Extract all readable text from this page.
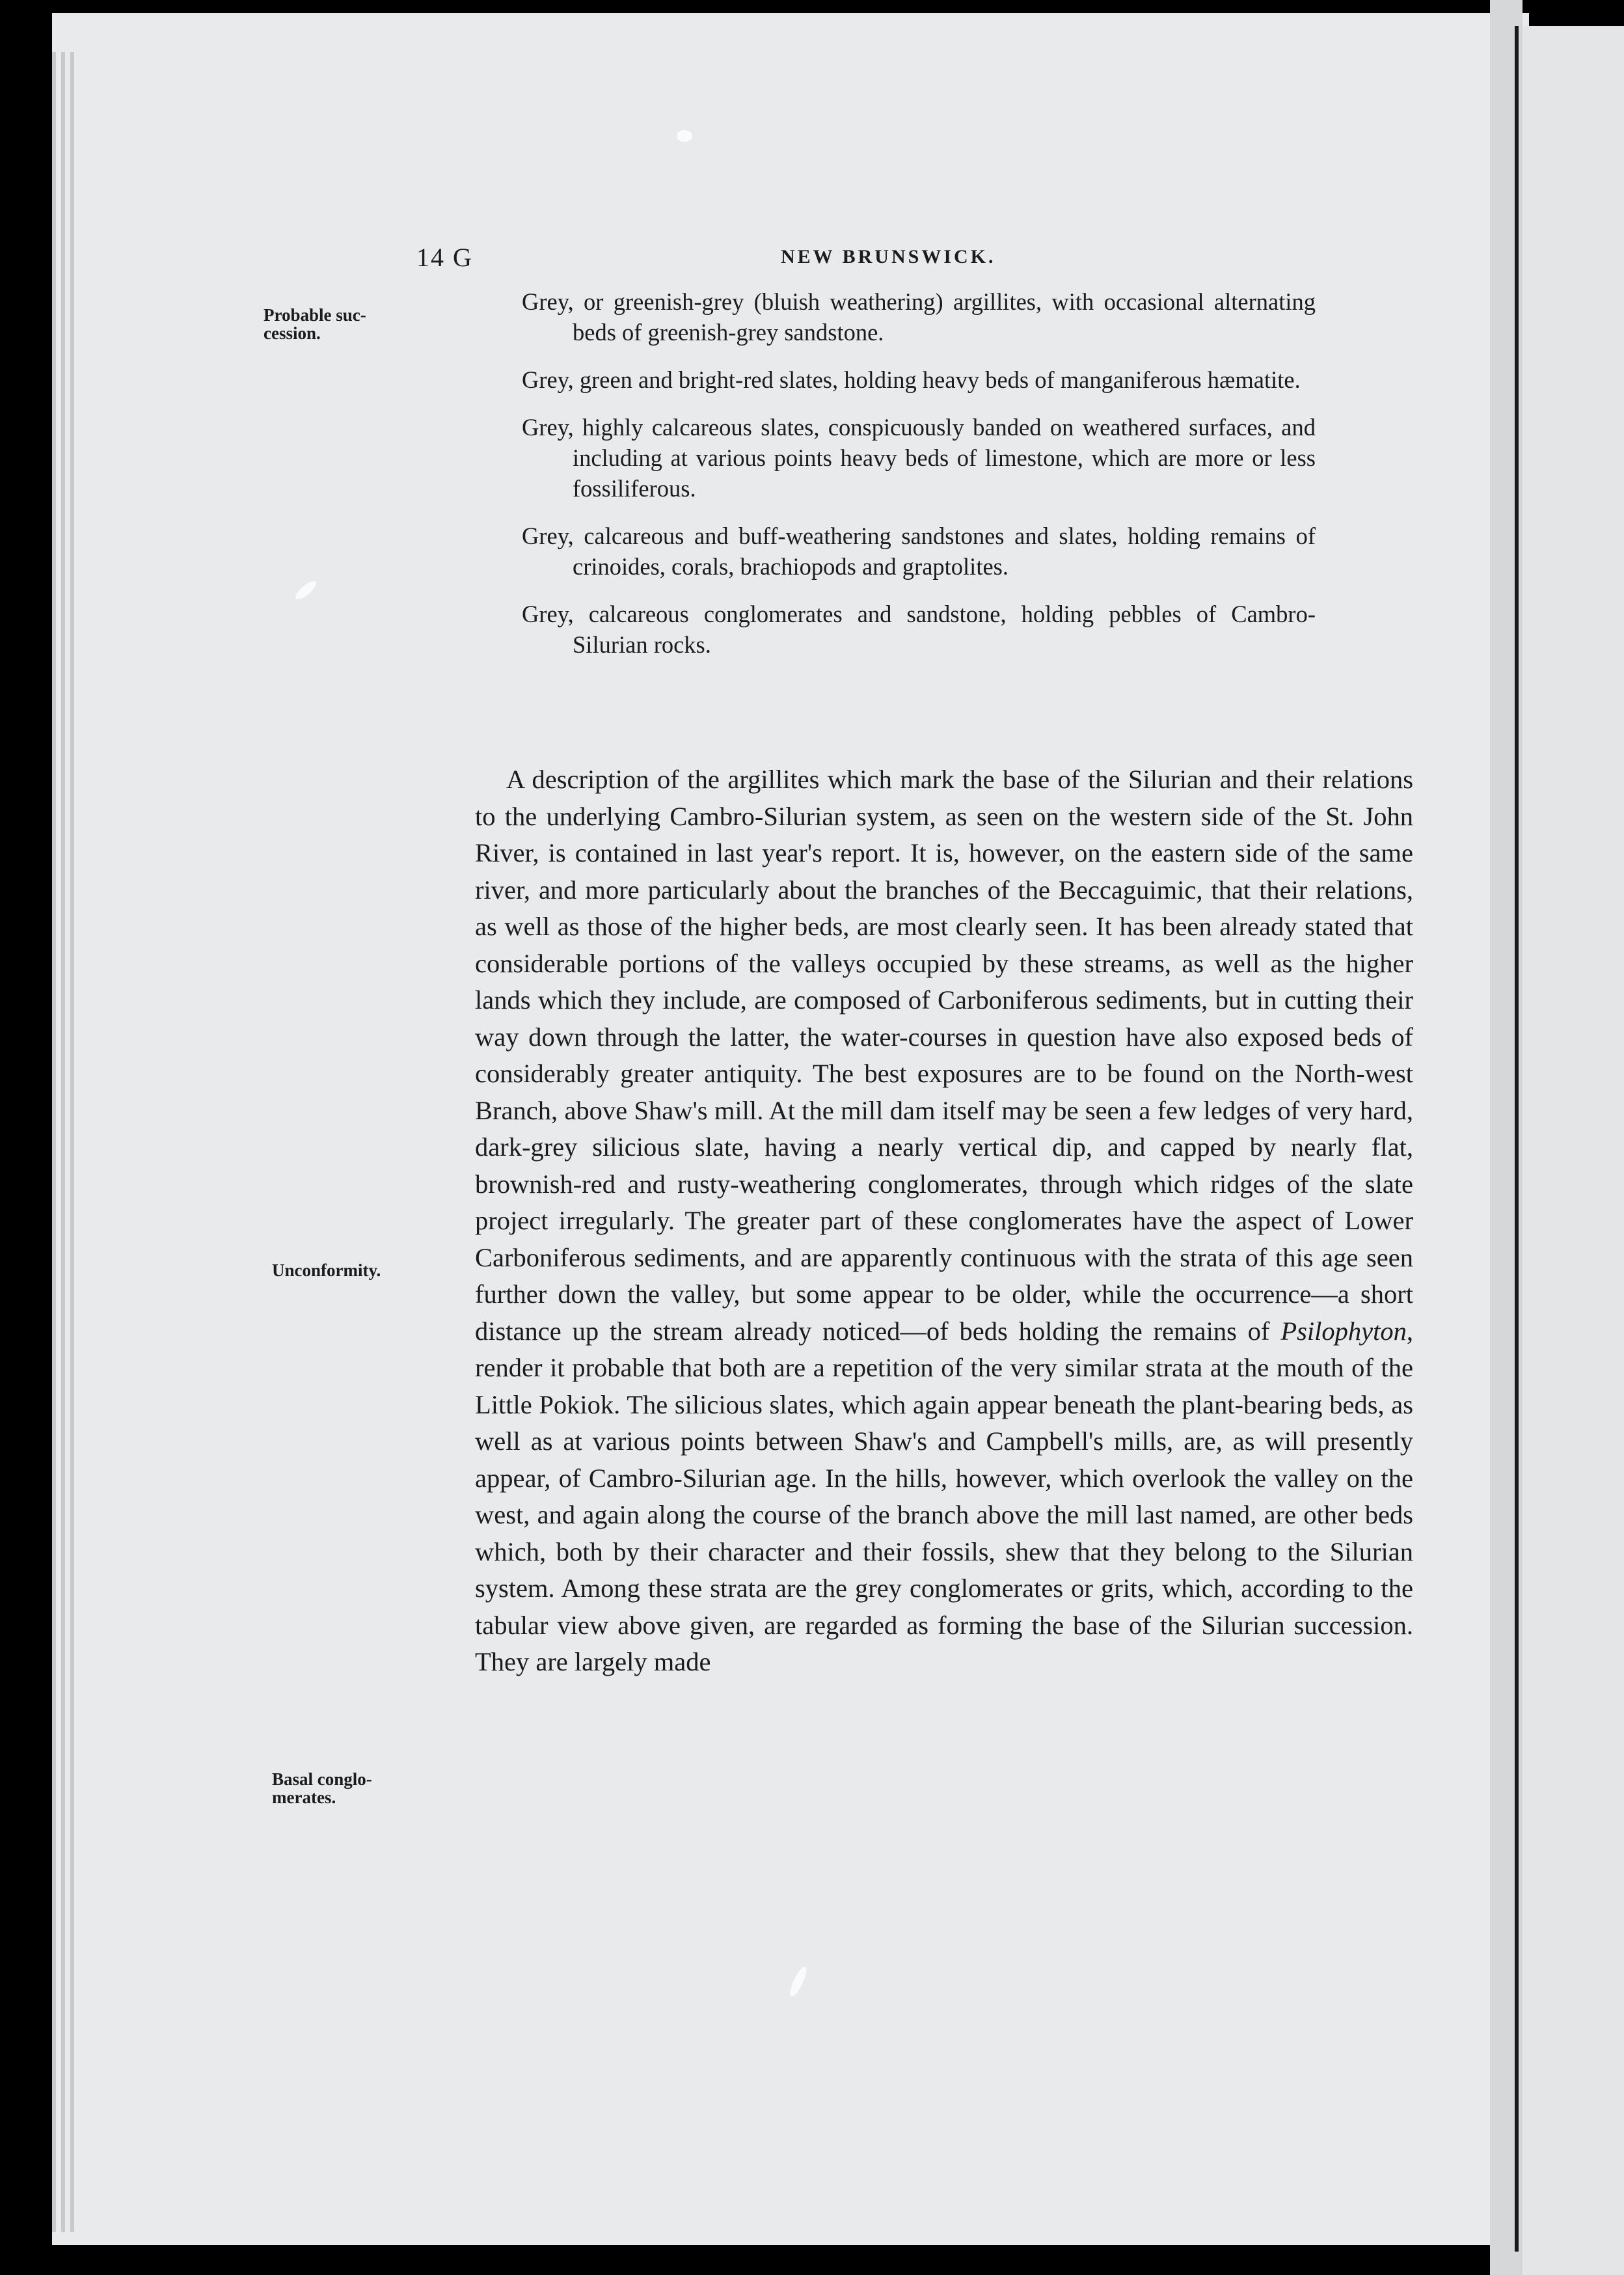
14 G	NEW BRUNSWICK.
Probable suc-
cession.
Unconformity.
Basal conglo-
merates.

Grey, or greenish-grey (bluish weathering) argillites, with occasional alternating beds of greenish-grey sandstone.

Grey, green and bright-red slates, holding heavy beds of manganiferous hæmatite.

Grey, highly calcareous slates, conspicuously banded on weathered surfaces, and including at various points heavy beds of limestone, which are more or less fossiliferous.

Grey, calcareous and buff-weathering sandstones and slates, holding remains of crinoides, corals, brachiopods and graptolites.

Grey, calcareous conglomerates and sandstone, holding pebbles of Cambro-Silurian rocks.

A description of the argillites which mark the base of the Silurian and their relations to the underlying Cambro-Silurian system, as seen on the western side of the St. John River, is contained in last year's report. It is, however, on the eastern side of the same river, and more particularly about the branches of the Beccaguimic, that their relations, as well as those of the higher beds, are most clearly seen. It has been already stated that considerable portions of the valleys occupied by these streams, as well as the higher lands which they include, are composed of Carboniferous sediments, but in cutting their way down through the latter, the water-courses in question have also exposed beds of considerably greater antiquity. The best exposures are to be found on the North-west Branch, above Shaw's mill. At the mill dam itself may be seen a few ledges of very hard, dark-grey silicious slate, having a nearly vertical dip, and capped by nearly flat, brownish-red and rusty-weathering conglomerates, through which ridges of the slate project irregularly. The greater part of these conglomerates have the aspect of Lower Carboniferous sediments, and are apparently continuous with the strata of this age seen further down the valley, but some appear to be older, while the occurrence—a short distance up the stream already noticed—of beds holding the remains of Psilophyton, render it probable that both are a repetition of the very similar strata at the mouth of the Little Pokiok. The silicious slates, which again appear beneath the plant-bearing beds, as well as at various points between Shaw's and Campbell's mills, are, as will presently appear, of Cambro-Silurian age. In the hills, however, which overlook the valley on the west, and again along the course of the branch above the mill last named, are other beds which, both by their character and their fossils, shew that they belong to the Silurian system. Among these strata are the grey conglomerates or grits, which, according to the tabular view above given, are regarded as forming the base of the Silurian succession. They are largely made
